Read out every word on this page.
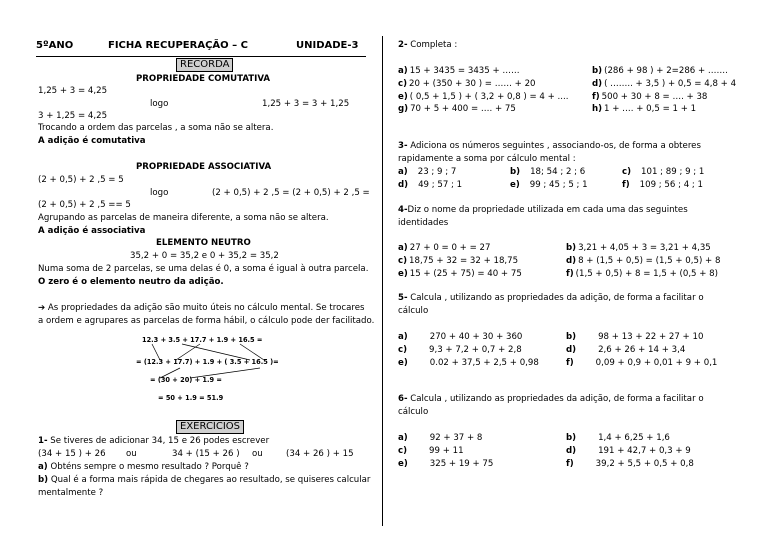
5ºANO	FICHA RECUPERAÇÃO – C	UNIDADE-3
RECORDA
PROPRIEDADE COMUTATIVA
1,25 + 3 = 4,25
logo	1,25 + 3 = 3 + 1,25
3 + 1,25 = 4,25
Trocando a ordem das parcelas , a soma não se altera.
A adição é comutativa
PROPRIEDADE ASSOCIATIVA
(2 + 0,5) + 2 ,5 = 5
logo	(2 + 0,5) + 2 ,5 = (2 + 0,5) + 2 ,5 =
(2 + 0,5) + 2 ,5 == 5
Agrupando as parcelas de maneira diferente, a soma não se altera.
A adição é associativa
ELEMENTO NEUTRO
35,2 + 0 = 35,2 e 0 + 35,2 = 35,2
Numa soma de 2 parcelas, se uma delas é 0, a soma é igual à outra parcela.
O zero é o elemento neutro da adição.
➔ As propriedades da adição são muito úteis no cálculo mental. Se trocares
a ordem e agrupares as parcelas de forma hábil, o cálculo pode der facilitado.
12.3 + 3.5 + 17.7 + 1.9 + 16.5 =
= (12.3 + 17.7) + 1.9 + ( 3.5 + 16.5 )=
= (30 + 20) + 1.9 =
= 50 + 1.9 = 51.9
EXERCÍCIOS
1- Se tiveres de adicionar 34, 15 e 26 podes escrever
(34 + 15 ) + 26 ou	34 + (15 + 26 ) ou	(34 + 26 ) + 15
a) Obténs sempre o mesmo resultado ? Porquê ?
b) Qual é a forma mais rápida de chegares ao resultado, se quiseres calcular
mentalmente ?
2- Completa :
a) 15 + 3435 = 3435 + ……	b) (286 + 98 ) + 2=286 + …….
c) 20 + (350 + 30 ) = …… + 20	d) ( …….. + 3,5 ) + 0,5 = 4,8 + 4
e) ( 0,5 + 1,5 ) + ( 3,2 + 0,8 ) = 4 + ....	f) 500 + 30 + 8 = …. + 38
g) 70 + 5 + 400 = …. + 75	h) 1 + …. + 0,5 = 1 + 1
3- Adiciona os números seguintes , associando-os, de forma a obteres
rapidamente a soma por cálculo mental :
a) 23 ; 9 ; 7	b) 18; 54 ; 2 ; 6	c) 101 ; 89 ; 9 ; 1
d) 49 ; 57 ; 1	e) 99 ; 45 ; 5 ; 1	f) 109 ; 56 ; 4 ; 1
4-Diz o nome da propriedade utilizada em cada uma das seguintes
identidades
a) 27 + 0 = 0 + = 27	b) 3,21 + 4,05 + 3 = 3,21 + 4,35
c) 18,75 + 32 = 32 + 18,75	d) 8 + (1,5 + 0,5) = (1,5 + 0,5) + 8
e) 15 + (25 + 75) = 40 + 75	f) (1,5 + 0,5) + 8 = 1,5 + (0,5 + 8)
5- Calcula , utilizando as propriedades da adição, de forma a facilitar o
cálculo
a)	270 + 40 + 30 + 360	b)	98 + 13 + 22 + 27 + 10
c)	9,3 + 7,2 + 0,7 + 2,8	d)	2,6 + 26 + 14 + 3,4
e)	0.02 + 37,5 + 2,5 + 0,98	f)	0,09 + 0,9 + 0,01 + 9 + 0,1
6- Calcula , utilizando as propriedades da adição, de forma a facilitar o
cálculo
a)	92 + 37 + 8	b)	1,4 + 6,25 + 1,6
c)	99 + 11	d)	191 + 42,7 + 0,3 + 9
e)	325 + 19 + 75	f)	39,2 + 5,5 + 0,5 + 0,8
